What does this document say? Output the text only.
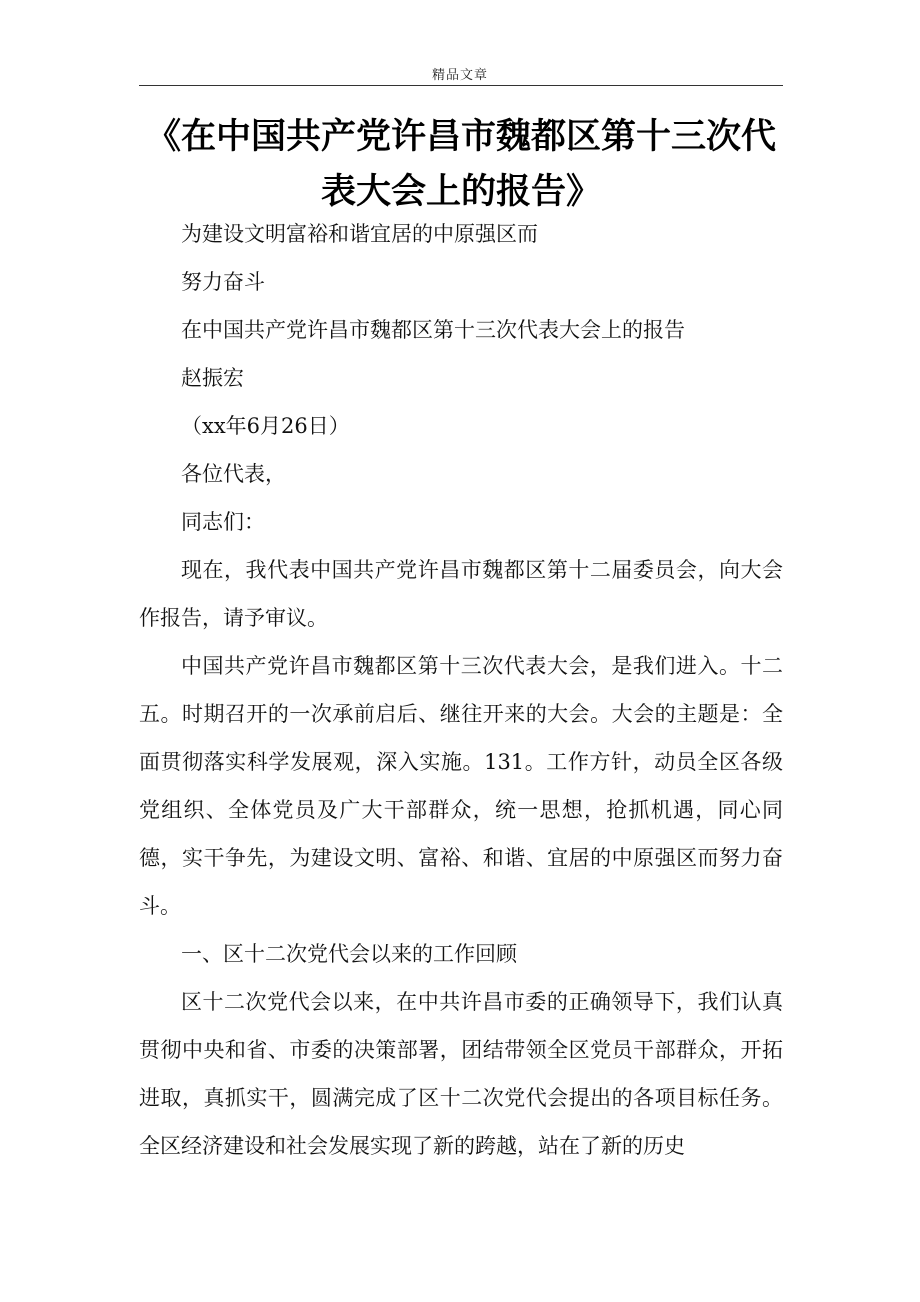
精品文章
《在中国共产党许昌市魏都区第十三次代表大会上的报告》

为建设文明富裕和谐宜居的中原强区而

努力奋斗

在中国共产党许昌市魏都区第十三次代表大会上的报告

赵振宏

（xx年6月26日）

各位代表，

同志们：

现在，我代表中国共产党许昌市魏都区第十二届委员会，向大会作报告，请予审议。

中国共产党许昌市魏都区第十三次代表大会，是我们进入。十二五。时期召开的一次承前启后、继往开来的大会。大会的主题是：全面贯彻落实科学发展观，深入实施。131。工作方针，动员全区各级党组织、全体党员及广大干部群众，统一思想，抢抓机遇，同心同德，实干争先，为建设文明、富裕、和谐、宜居的中原强区而努力奋斗。

一、区十二次党代会以来的工作回顾

区十二次党代会以来，在中共许昌市委的正确领导下，我们认真贯彻中央和省、市委的决策部署，团结带领全区党员干部群众，开拓进取，真抓实干，圆满完成了区十二次党代会提出的各项目标任务。全区经济建设和社会发展实现了新的跨越，站在了新的历史
